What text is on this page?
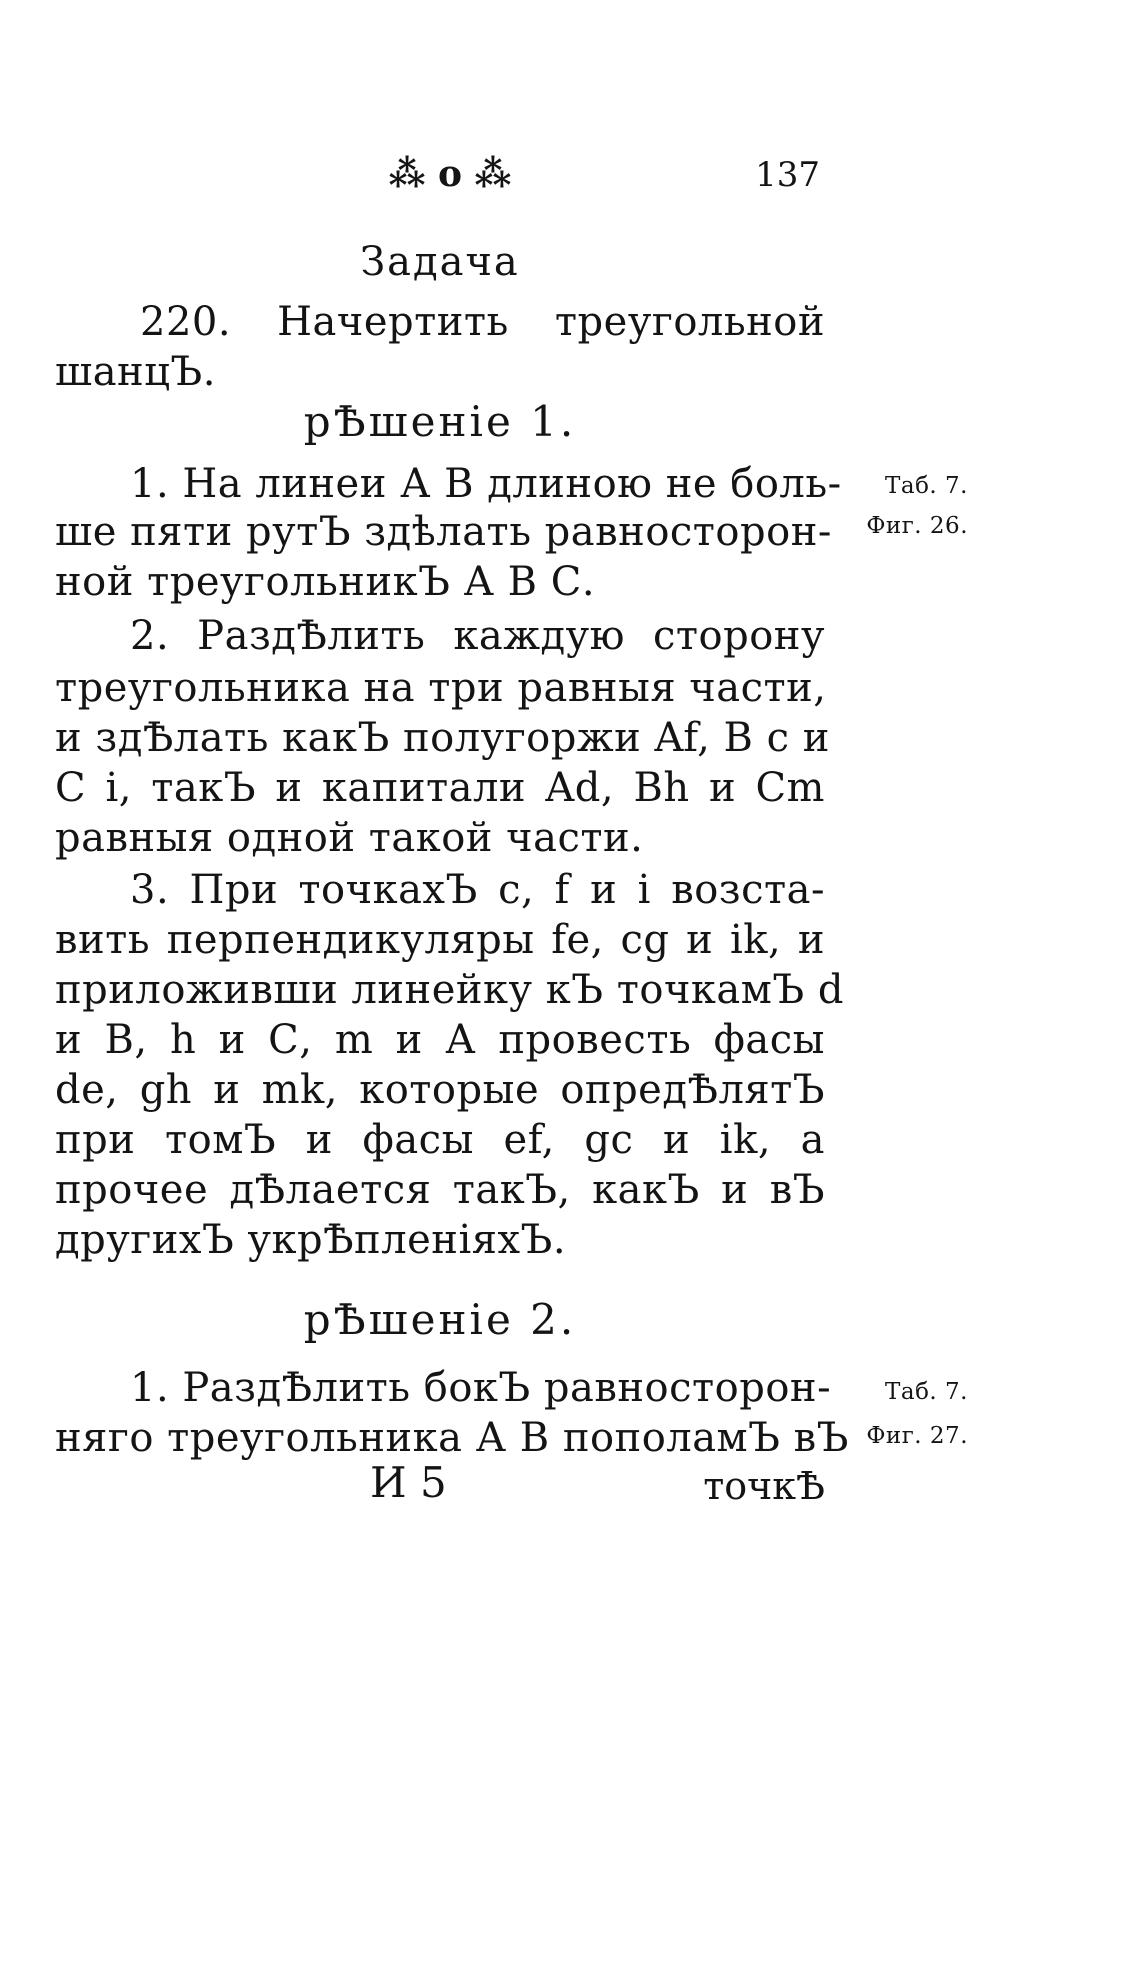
⁂ o ⁂	137
Задача
220. Начертить треугольной
шанцЪ.
рѢшенiе 1.
1. На линеи А В длиною не боль-
ше пяти рутЪ здѣлать равносторон-
ной треугольникЪ А В С.
2. РаздѢлить каждую сторону
треугольника на три равныя части,
и здѢлать какЪ полугоржи Af, В с и
С i, такЪ и капитали Ad, Bh и Cm
равныя одной такой части.
3. При точкахЪ с, f и i возста-
вить перпендикуляры fe, cg и ik, и
приложивши линейку кЪ точкамЪ d
и В, h и С, m и А провесть фасы
de, gh и mk, которые опредѢлятЪ
при томЪ и фасы ef, gc и ik, а
прочее дѢлается такЪ, какЪ и вЪ
другихЪ укрѢпленiяхЪ.
Таб. 7.
Фиг. 26.
рѢшенiе 2.
1. РаздѢлить бокЪ равносторон-
няго треугольника А В пополамЪ вЪ
Таб. 7.
Фиг. 27.
И 5	точкѢ
